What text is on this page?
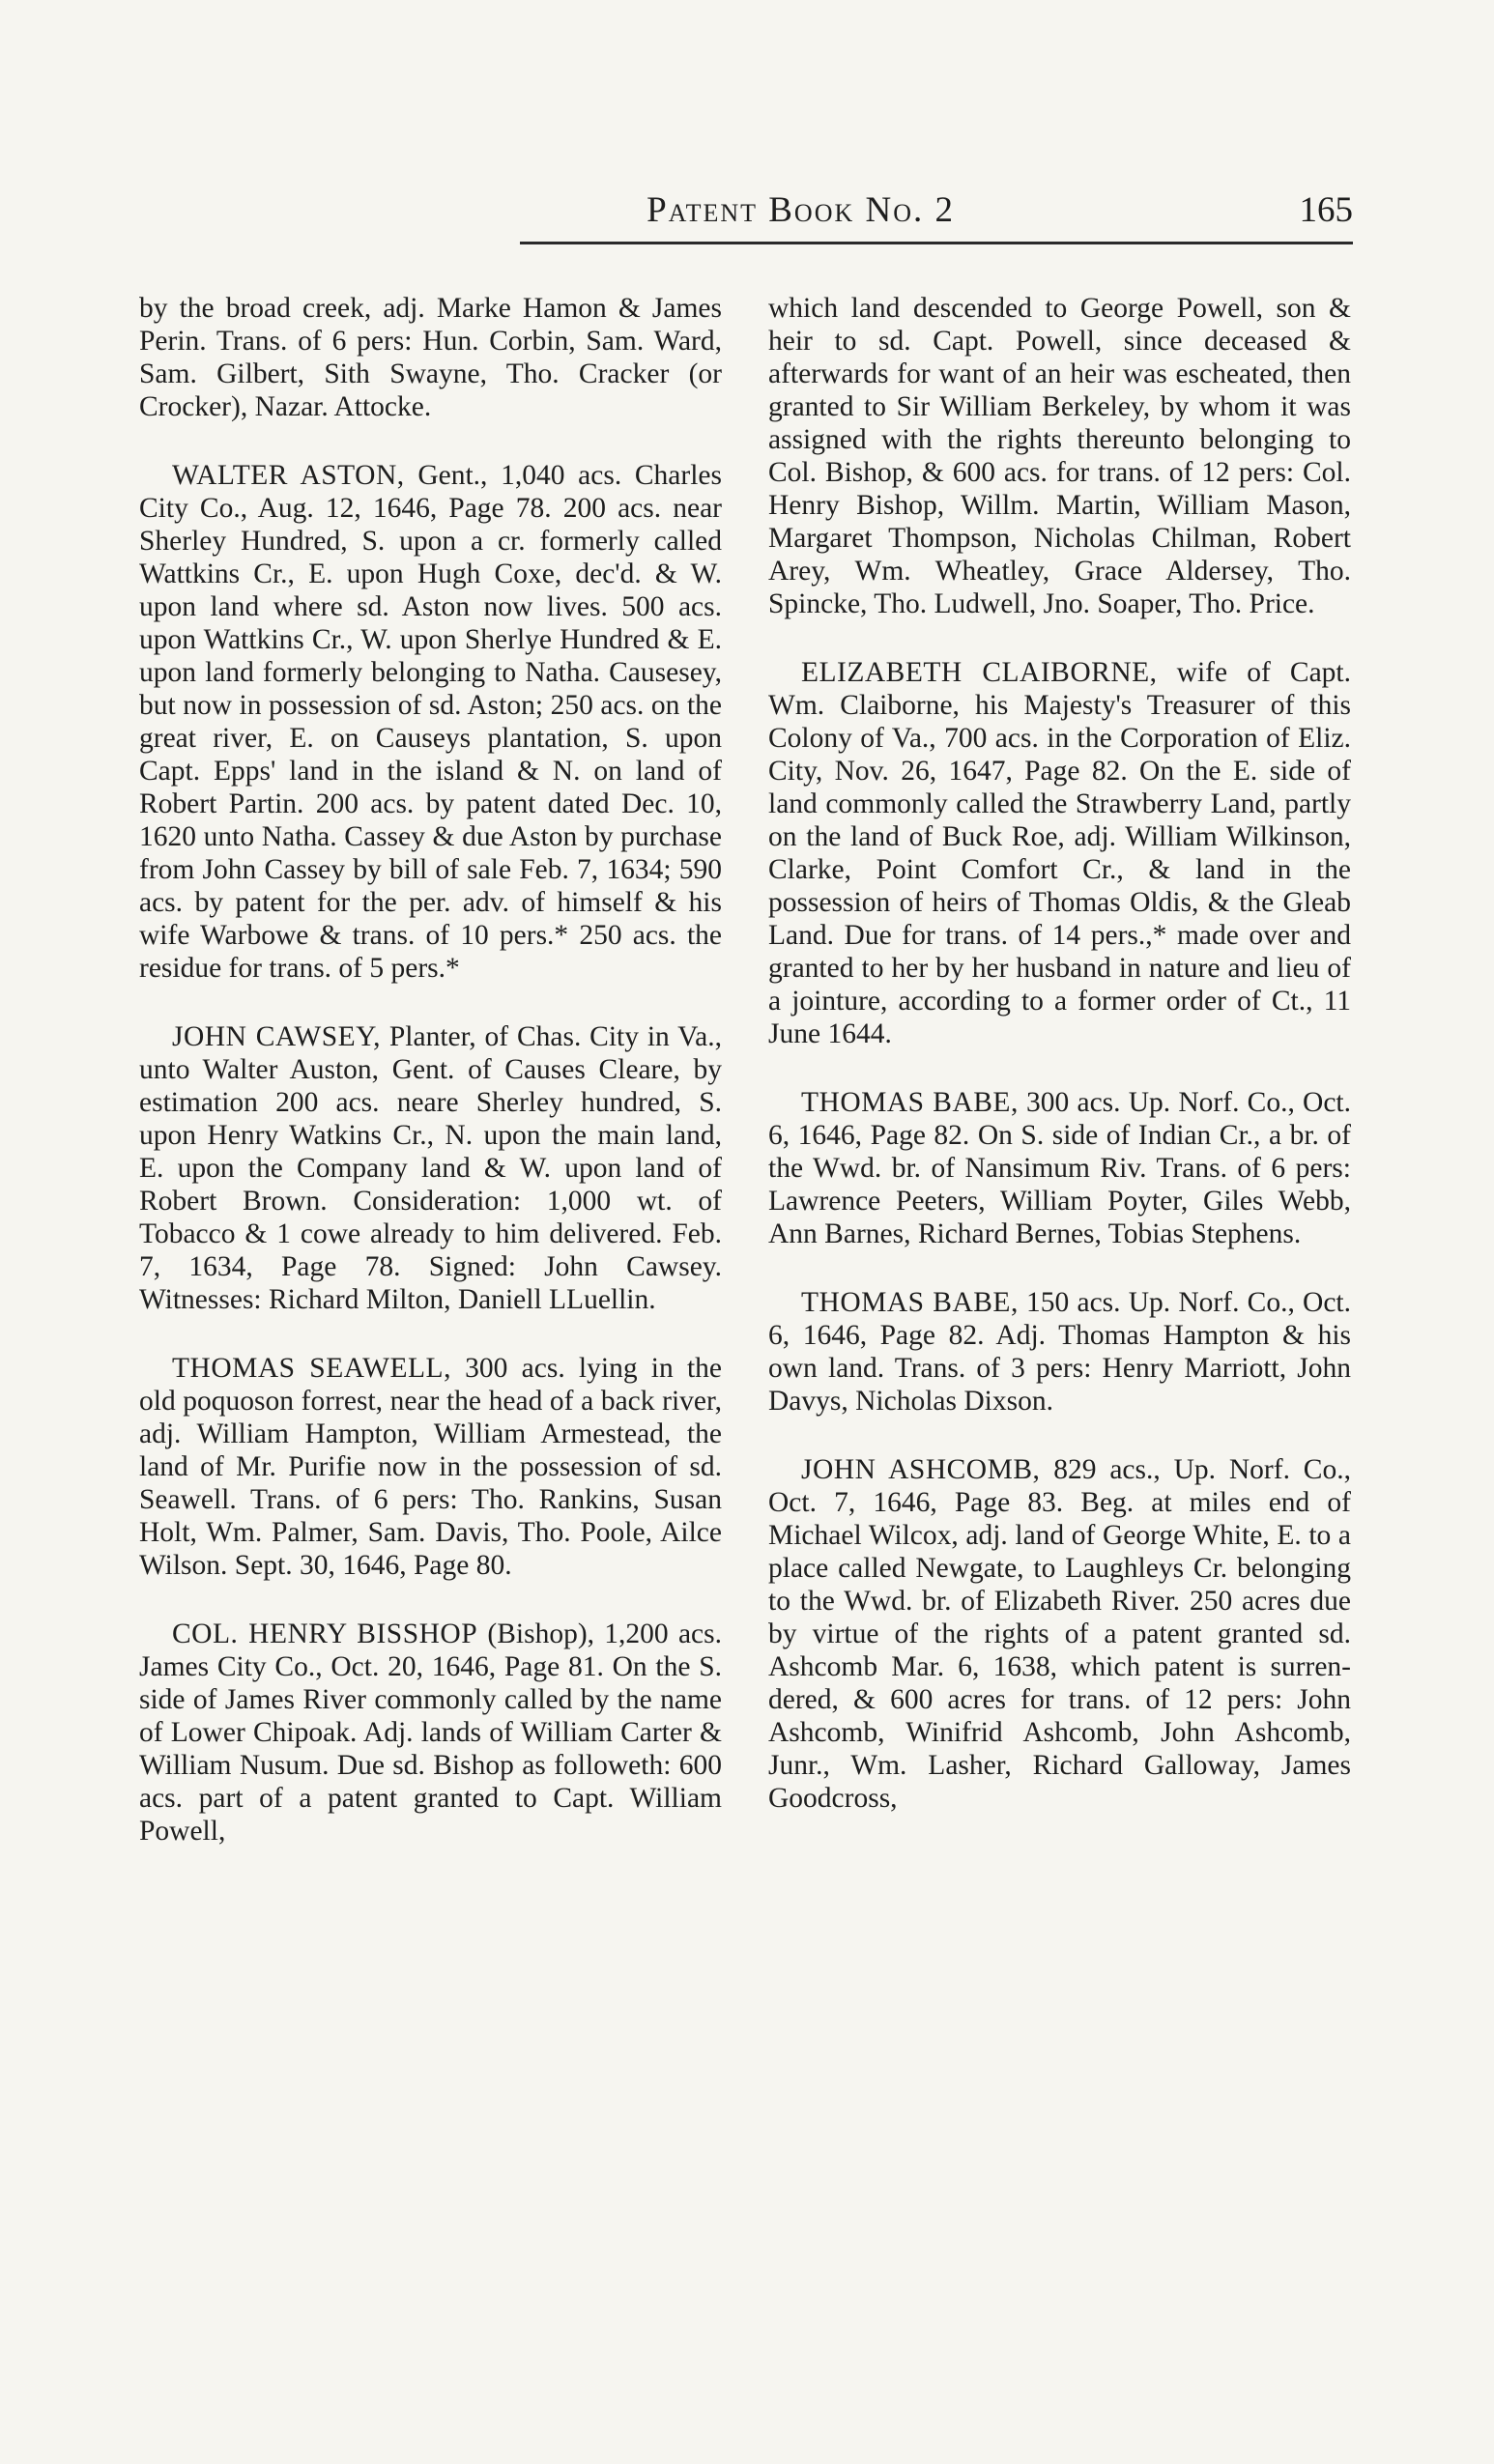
Patent Book No. 2	165

by the broad creek, adj. Marke Hamon & James Perin. Trans. of 6 pers: Hun. Corbin, Sam. Ward, Sam. Gilbert, Sith Swayne, Tho. Cracker (or Crocker), Nazar. Attocke.

WALTER ASTON, Gent., 1,040 acs. Charles City Co., Aug. 12, 1646, Page 78. 200 acs. near Sherley Hundred, S. upon a cr. formerly called Wattkins Cr., E. upon Hugh Coxe, dec'd. & W. upon land where sd. Aston now lives. 500 acs. upon Wattkins Cr., W. upon Sherlye Hundred & E. upon land formerly belonging to Natha. Causesey, but now in possession of sd. Aston; 250 acs. on the great river, E. on Causeys plantation, S. upon Capt. Epps' land in the island & N. on land of Robert Partin. 200 acs. by patent dated Dec. 10, 1620 unto Natha. Cassey & due Aston by purchase from John Cassey by bill of sale Feb. 7, 1634; 590 acs. by patent for the per. adv. of himself & his wife Warbowe & trans. of 10 pers.* 250 acs. the residue for trans. of 5 pers.*

JOHN CAWSEY, Planter, of Chas. City in Va., unto Walter Auston, Gent. of Causes Cleare, by estimation 200 acs. neare Sherley hundred, S. upon Henry Watkins Cr., N. upon the main land, E. upon the Company land & W. upon land of Robert Brown. Consideration: 1,000 wt. of Tobacco & 1 cowe already to him delivered. Feb. 7, 1634, Page 78. Signed: John Cawsey. Witnesses: Richard Milton, Daniell LLuellin.

THOMAS SEAWELL, 300 acs. lying in the old poquoson forrest, near the head of a back river, adj. William Hampton, William Armestead, the land of Mr. Purifie now in the possession of sd. Seawell. Trans. of 6 pers: Tho. Rankins, Susan Holt, Wm. Palmer, Sam. Davis, Tho. Poole, Ailce Wilson. Sept. 30, 1646, Page 80.

COL. HENRY BISSHOP (Bishop), 1,200 acs. James City Co., Oct. 20, 1646, Page 81. On the S. side of James River commonly called by the name of Lower Chipoak. Adj. lands of William Carter & William Nusum. Due sd. Bishop as followeth: 600 acs. part of a patent granted to Capt. William Powell,

which land descended to George Powell, son & heir to sd. Capt. Powell, since deceased & afterwards for want of an heir was escheated, then granted to Sir William Berkeley, by whom it was assigned with the rights thereunto belonging to Col. Bishop, & 600 acs. for trans. of 12 pers: Col. Henry Bishop, Willm. Martin, William Mason, Margaret Thompson, Nicholas Chilman, Robert Arey, Wm. Wheatley, Grace Aldersey, Tho. Spincke, Tho. Ludwell, Jno. Soaper, Tho. Price.

ELIZABETH CLAIBORNE, wife of Capt. Wm. Claiborne, his Majesty's Treasurer of this Colony of Va., 700 acs. in the Corporation of Eliz. City, Nov. 26, 1647, Page 82. On the E. side of land commonly called the Strawberry Land, partly on the land of Buck Roe, adj. William Wilkinson, Clarke, Point Comfort Cr., & land in the possession of heirs of Thomas Oldis, & the Gleab Land. Due for trans. of 14 pers.,* made over and granted to her by her husband in nature and lieu of a jointure, according to a former order of Ct., 11 June 1644.

THOMAS BABE, 300 acs. Up. Norf. Co., Oct. 6, 1646, Page 82. On S. side of Indian Cr., a br. of the Wwd. br. of Nansimum Riv. Trans. of 6 pers: Lawrence Peeters, William Poyter, Giles Webb, Ann Barnes, Richard Bernes, Tobias Stephens.

THOMAS BABE, 150 acs. Up. Norf. Co., Oct. 6, 1646, Page 82. Adj. Thomas Hampton & his own land. Trans. of 3 pers: Henry Marriott, John Davys, Nicholas Dixson.

JOHN ASHCOMB, 829 acs., Up. Norf. Co., Oct. 7, 1646, Page 83. Beg. at miles end of Michael Wilcox, adj. land of George White, E. to a place called Newgate, to Laughleys Cr. belonging to the Wwd. br. of Elizabeth River. 250 acres due by virtue of the rights of a patent granted sd. Ashcomb Mar. 6, 1638, which patent is surrendered, & 600 acres for trans. of 12 pers: John Ashcomb, Winifrid Ashcomb, John Ashcomb, Junr., Wm. Lasher, Richard Galloway, James Goodcross,
